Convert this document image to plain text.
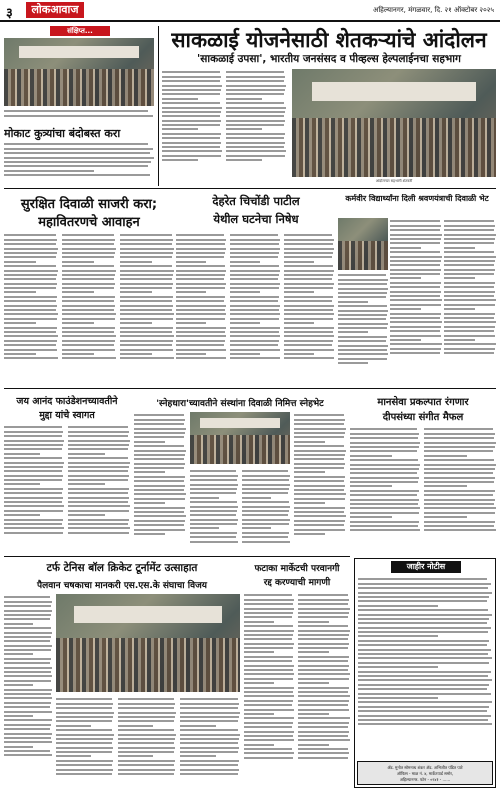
३	लोकआवाज	अहिल्यानगर, मंगळवार, दि. २१ ऑक्टोबर २०२५
संक्षिप्त...
मोकाट कुत्र्यांचा बंदोबस्त करा
साकळाई योजनेसाठी शेतकऱ्यांचे आंदोलन
'साकळाई उपसा', भारतीय जनसंसद व पीव्हल्स हेल्पलाईनचा सहभाग
आंदोलनात सहभागी शेतकरी
सुरक्षित दिवाळी साजरी करा;
महावितरणचे आवाहन
देहरेत चिचोंडी पाटील
येथील घटनेचा निषेध
कर्मवीर विद्यार्थ्यांना दिली श्रवणयंत्राची दिवाळी भेट
जय आनंद फाउंडेशनच्यावतीने
मुद्दा यांचे स्वागत
'स्नेहधारा'च्यावतीने संस्थांना दिवाळी निमित्त स्नेहभेट	मानसेवा प्रकल्पात रंगणार
दीपसंध्या संगीत मैफल
टर्फ टेनिस बॉल क्रिकेट टूर्नामेंट उत्साहात
पैलवान चषकाचा मानकरी एस.एस.के संघाचा विजय
फटाका मार्केटची परवानगी
रद्द करण्याची मागणी
जाहीर नोटीस
ॲड. मुनोत सोमनाथ शंकर ॲड. अभिजीत पंडित पाटे
ऑफिस - माळ नं. ४, मार्केटयार्ड समोर,
अहिल्यानगर. फोन - ०२४१ - ......
